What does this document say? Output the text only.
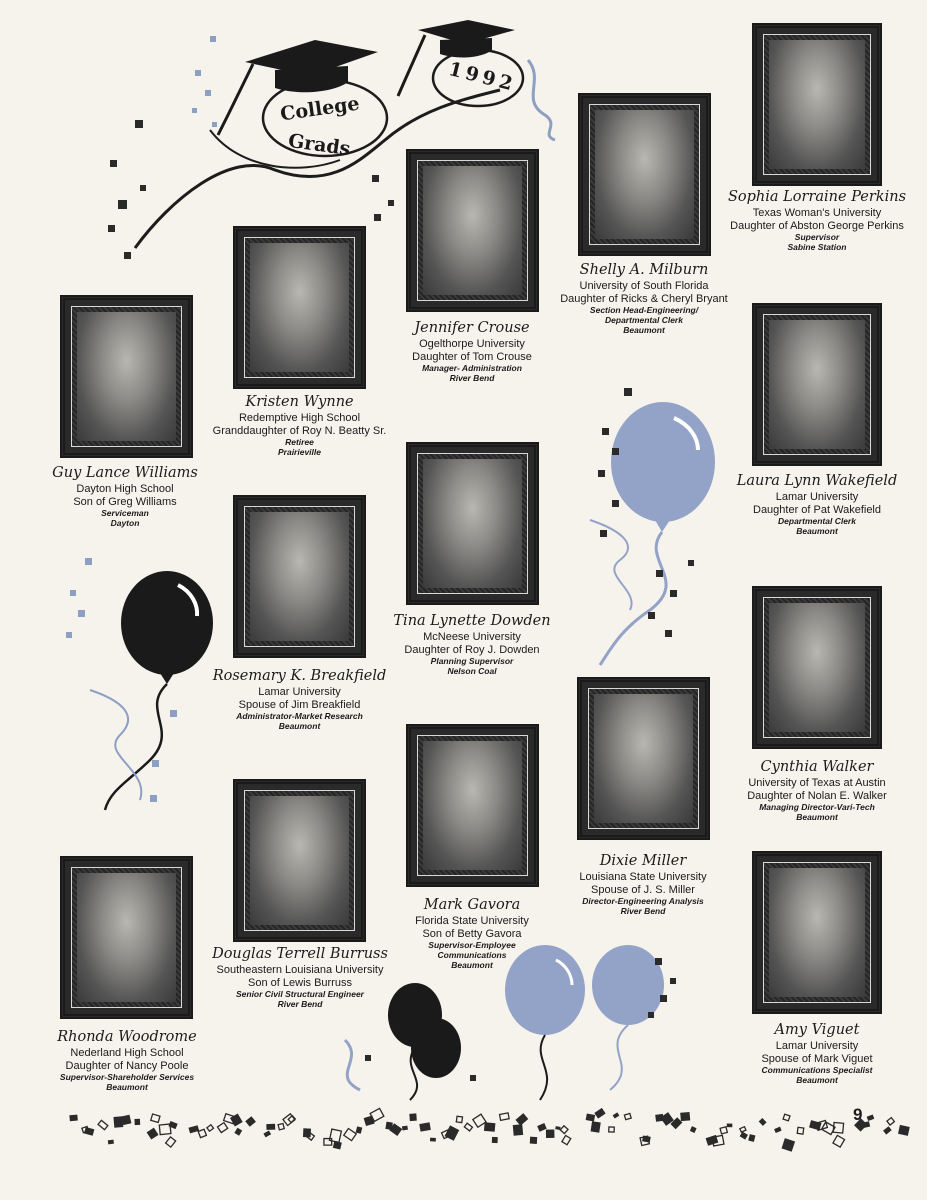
College
Grads
1992
Sophia Lorraine Perkins
Texas Woman's University
Daughter of Abston George Perkins
Supervisor
Sabine Station
Shelly A. Milburn
University of South Florida
Daughter of Ricks & Cheryl Bryant
Section Head-Engineering/ Departmental Clerk
Beaumont
Jennifer Crouse
Ogelthorpe University
Daughter of Tom Crouse
Manager- Administration
River Bend
Kristen Wynne
Redemptive High School
Granddaughter of Roy N. Beatty Sr.
Retiree
Prairieville
Guy Lance Williams
Dayton High School
Son of Greg Williams
Serviceman
Dayton
Laura Lynn Wakefield
Lamar University
Daughter of Pat Wakefield
Departmental Clerk
Beaumont
Tina Lynette Dowden
McNeese University
Daughter of Roy J. Dowden
Planning Supervisor
Nelson Coal
Rosemary K. Breakfield
Lamar University
Spouse of Jim Breakfield
Administrator-Market Research
Beaumont
Cynthia Walker
University of Texas at Austin
Daughter of Nolan E. Walker
Managing Director-Vari-Tech
Beaumont
Dixie Miller
Louisiana State University
Spouse of J. S. Miller
Director-Engineering Analysis
River Bend
Mark Gavora
Florida State University
Son of Betty Gavora
Supervisor-Employee Communications
Beaumont
Douglas Terrell Burruss
Southeastern Louisiana University
Son of Lewis Burruss
Senior Civil Structural Engineer
River Bend
Rhonda Woodrome
Nederland High School
Daughter of Nancy Poole
Supervisor-Shareholder Services
Beaumont
Amy Viguet
Lamar University
Spouse of Mark Viguet
Communications Specialist
Beaumont
9
